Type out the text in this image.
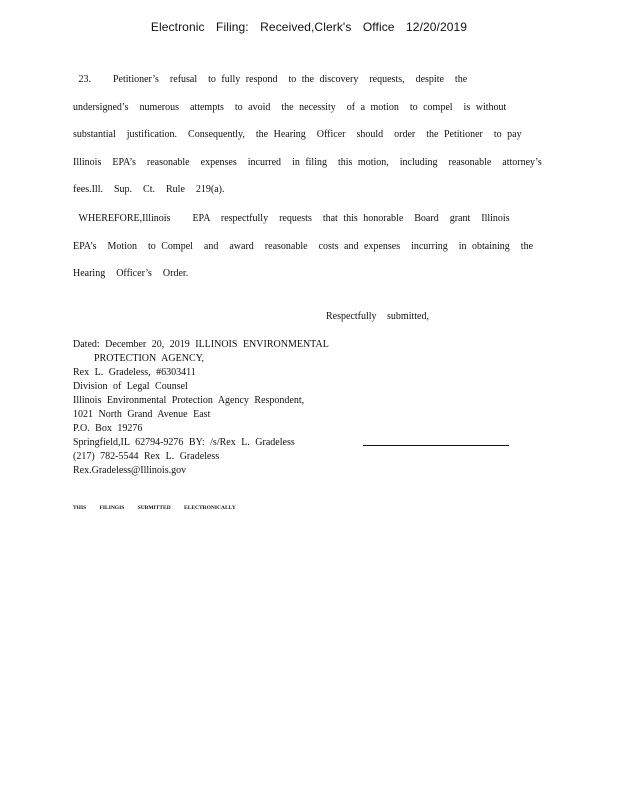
Electronic Filing: Received,Clerk's Office 12/20/2019
23.    Petitioner’s  refusal  to fully respond  to the discovery  requests,  despite  the
undersigned’s  numerous  attempts  to avoid  the necessity  of a motion  to compel  is without
substantial  justification.  Consequently,  the Hearing  Officer  should  order  the Petitioner  to pay
Illinois  EPA’s  reasonable  expenses  incurred  in filing  this motion,  including  reasonable  attorney’s
fees.Ill.  Sup.  Ct.  Rule  219(a).
WHEREFORE,Illinois    EPA  respectfully  requests  that this honorable  Board  grant  Illinois
EPA’s  Motion  to Compel  and  award  reasonable  costs and expenses  incurring  in obtaining  the
Hearing  Officer’s  Order.
Respectfully submitted,
Dated: December 20, 2019 ILLINOIS ENVIRONMENTAL
PROTECTION AGENCY,
Rex L. Gradeless, #6303411
Division of Legal Counsel
Illinois Environmental Protection Agency Respondent,
1021 North Grand Avenue East
P.O. Box 19276
Springfield,IL 62794-9276 BY: /s/Rex L. Gradeless
(217) 782-5544 Rex L. Gradeless
Rex.Gradeless@Illinois.gov
THIS FILINGIS SUBMITTED ELECTRONICALLY
